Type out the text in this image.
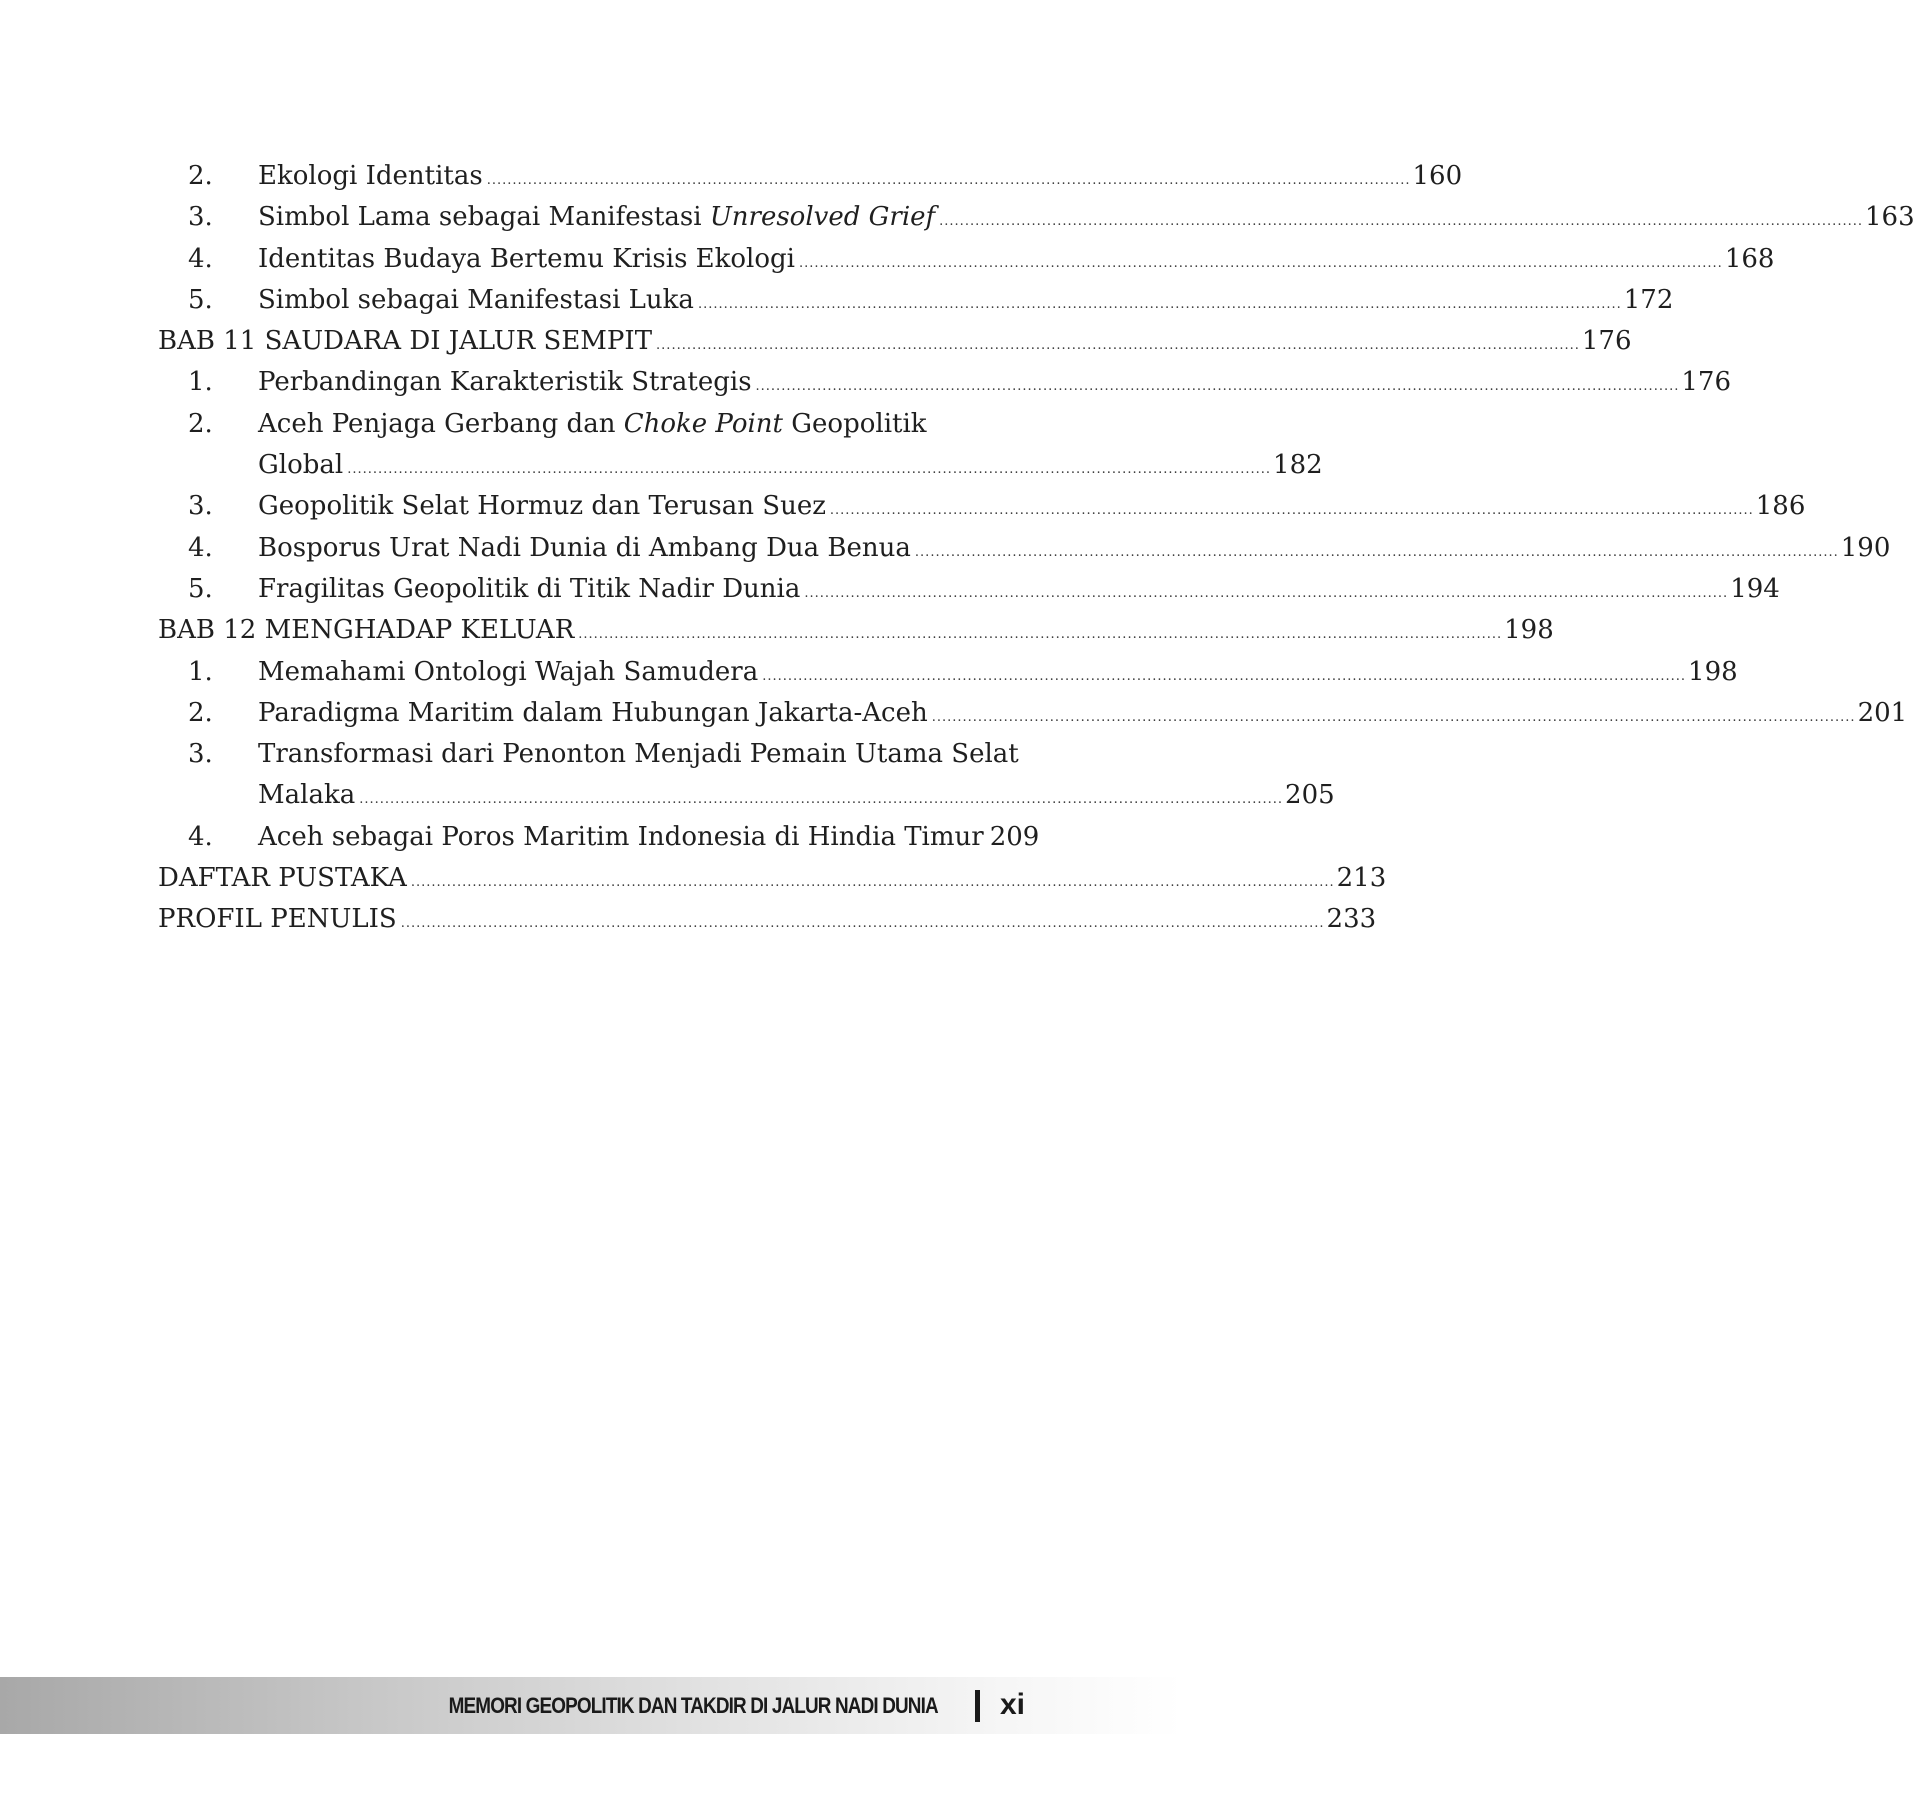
2. Ekologi Identitas .................................................................................................................................................................................... 160
3. Simbol Lama sebagai Manifestasi Unresolved Grief .................................................................................................................................................................................... 163
4. Identitas Budaya Bertemu Krisis Ekologi .................................................................................................................................................................................... 168
5. Simbol sebagai Manifestasi Luka .................................................................................................................................................................................... 172
BAB 11 SAUDARA DI JALUR SEMPIT .................................................................................................................................................................................... 176
1. Perbandingan Karakteristik Strategis .................................................................................................................................................................................... 176
2. Aceh Penjaga Gerbang dan Choke Point Geopolitik
Global .................................................................................................................................................................................... 182
3. Geopolitik Selat Hormuz dan Terusan Suez .................................................................................................................................................................................... 186
4. Bosporus Urat Nadi Dunia di Ambang Dua Benua .................................................................................................................................................................................... 190
5. Fragilitas Geopolitik di Titik Nadir Dunia .................................................................................................................................................................................... 194
BAB 12 MENGHADAP KELUAR .................................................................................................................................................................................... 198
1. Memahami Ontologi Wajah Samudera .................................................................................................................................................................................... 198
2. Paradigma Maritim dalam Hubungan Jakarta-Aceh .................................................................................................................................................................................... 201
3. Transformasi dari Penonton Menjadi Pemain Utama Selat
Malaka .................................................................................................................................................................................... 205
4. Aceh sebagai Poros Maritim Indonesia di Hindia Timur 209
DAFTAR PUSTAKA .................................................................................................................................................................................... 213
PROFIL PENULIS .................................................................................................................................................................................... 233
MEMORI GEOPOLITIK DAN TAKDIR DI JALUR NADI DUNIA xi
